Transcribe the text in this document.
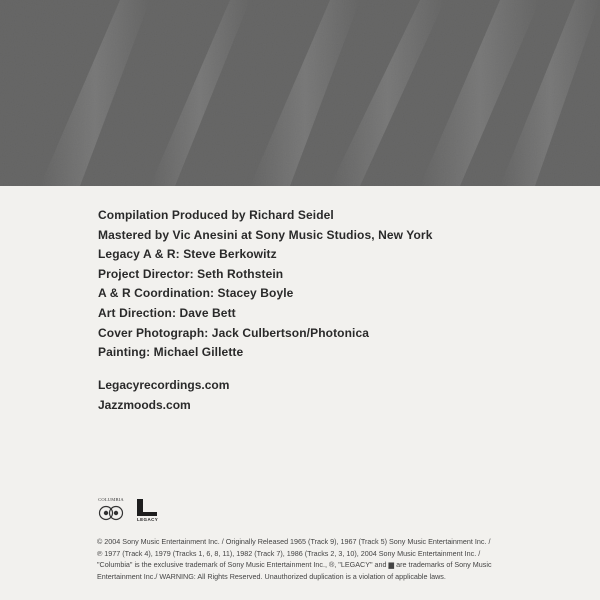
Compilation Produced by Richard Seidel
Mastered by Vic Anesini at Sony Music Studios, New York
Legacy A & R: Steve Berkowitz
Project Director: Seth Rothstein
A & R Coordination: Stacey Boyle
Art Direction: Dave Bett
Cover Photograph: Jack Culbertson/Photonica
Painting: Michael Gillette
Legacyrecordings.com
Jazzmoods.com
COLUMBIA
LEGACY

© 2004 Sony Music Entertainment Inc. / Originally Released 1965 (Track 9), 1967 (Track 5) Sony Music Entertainment Inc. /

℗ 1977 (Track 4), 1979 (Tracks 1, 6, 8, 11), 1982 (Track 7), 1986 (Tracks 2, 3, 10), 2004 Sony Music Entertainment Inc. /

"Columbia" is the exclusive trademark of Sony Music Entertainment Inc., ®, "LEGACY" and ▆ are trademarks of Sony Music

Entertainment Inc./ WARNING: All Rights Reserved. Unauthorized duplication is a violation of applicable laws.
